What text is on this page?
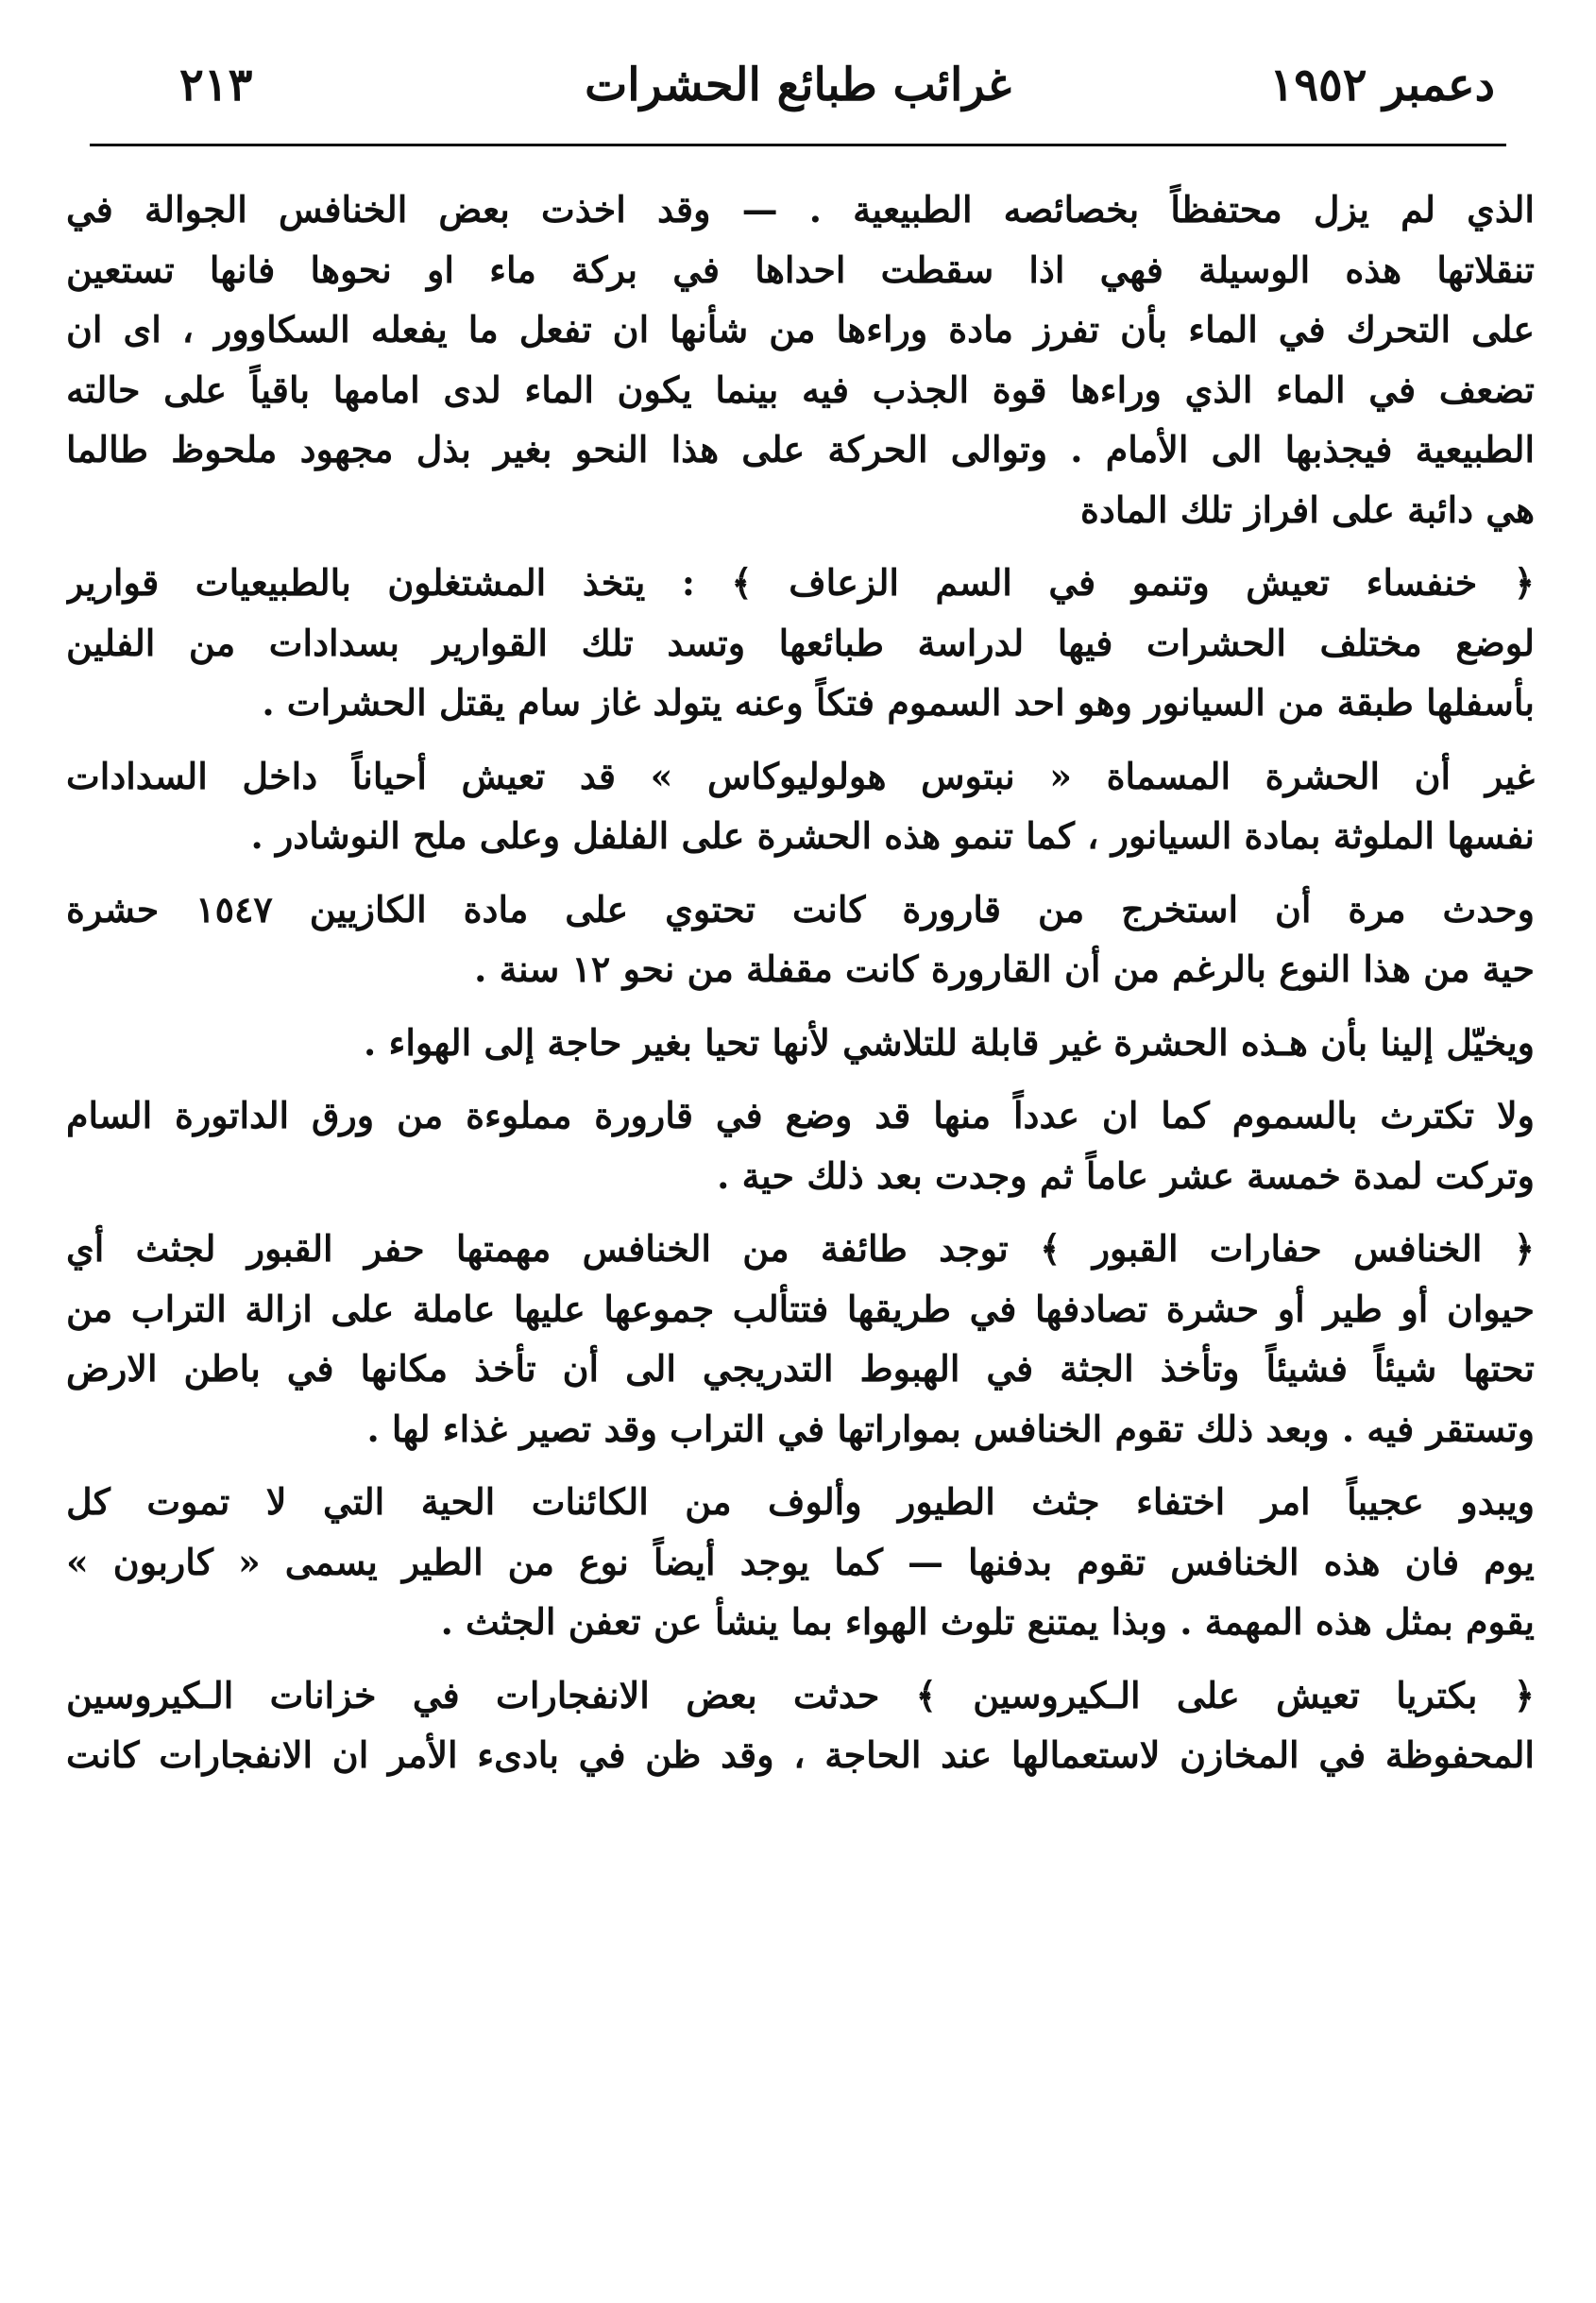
دعمبر ١٩٥٢
غرائب طبائع الحشرات
٢١٣
الذي لم يزل محتفظاً بخصائصه الطبيعية . — وقد اخذت بعض الخنافس الجوالة في
تنقلاتها هذه الوسيلة فهي اذا سقطت احداها في بركة ماء او نحوها فانها تستعين
على التحرك في الماء بأن تفرز مادة وراءها من شأنها ان تفعل ما يفعله السكاوور ، اى ان
تضعف في الماء الذي وراءها قوة الجذب فيه بينما يكون الماء لدى امامها باقياً على حالته
الطبيعية فيجذبها الى الأمام . وتوالى الحركة على هذا النحو بغير بذل مجهود ملحوظ طالما
هي دائبة على افراز تلك المادة
﴿ خنفساء تعيش وتنمو في السم الزعاف ﴾ : يتخذ المشتغلون بالطبيعيات قوارير
لوضع مختلف الحشرات فيها لدراسة طبائعها وتسد تلك القوارير بسدادات من الفلين
بأسفلها طبقة من السيانور وهو احد السموم فتكاً وعنه يتولد غاز سام يقتل الحشرات .
غير أن الحشرة المسماة « نبتوس هولوليوكاس » قد تعيش أحياناً داخل السدادات
نفسها الملوثة بمادة السيانور ، كما تنمو هذه الحشرة على الفلفل وعلى ملح النوشادر .
وحدث مرة أن استخرج من قارورة كانت تحتوي على مادة الكازيين ١٥٤٧ حشرة
حية من هذا النوع بالرغم من أن القارورة كانت مقفلة من نحو ١٢ سنة .
ويخيّل إلينا بأن هـذه الحشرة غير قابلة للتلاشي لأنها تحيا بغير حاجة إلى الهواء .
ولا تكترث بالسموم كما ان عدداً منها قد وضع في قارورة مملوءة من ورق الداتورة السام
وتركت لمدة خمسة عشر عاماً ثم وجدت بعد ذلك حية .
﴿ الخنافس حفارات القبور ﴾ توجد طائفة من الخنافس مهمتها حفر القبور لجثث أي
حيوان أو طير أو حشرة تصادفها في طريقها فتتألب جموعها عليها عاملة على ازالة التراب من
تحتها شيئاً فشيئاً وتأخذ الجثة في الهبوط التدريجي الى أن تأخذ مكانها في باطن الارض
وتستقر فيه . وبعد ذلك تقوم الخنافس بمواراتها في التراب وقد تصير غذاء لها .
ويبدو عجيباً امر اختفاء جثث الطيور وألوف من الكائنات الحية التي لا تموت كل
يوم فان هذه الخنافس تقوم بدفنها — كما يوجد أيضاً نوع من الطير يسمى « كاربون »
يقوم بمثل هذه المهمة . وبذا يمتنع تلوث الهواء بما ينشأ عن تعفن الجثث .
﴿ بكتريا تعيش على الـكيروسين ﴾ حدثت بعض الانفجارات في خزانات الـكيروسين
المحفوظة في المخازن لاستعمالها عند الحاجة ، وقد ظن في بادىء الأمر ان الانفجارات كانت
